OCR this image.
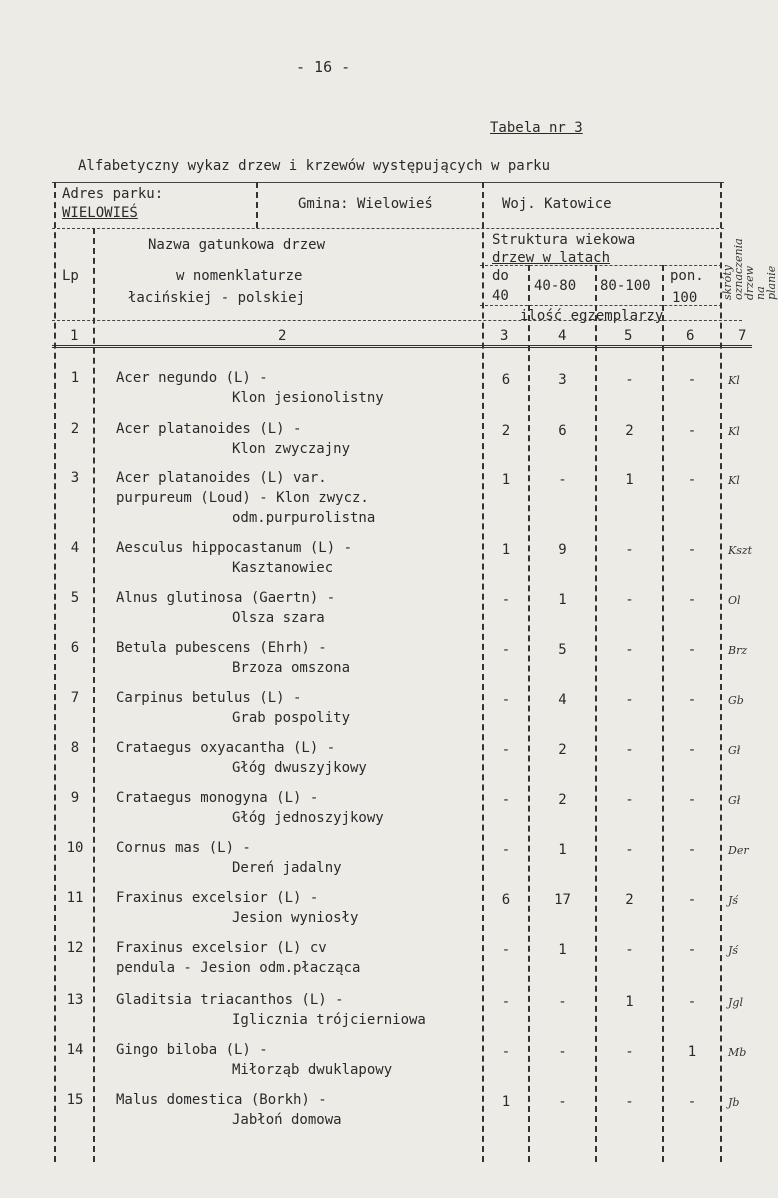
- 16 -
Tabela nr 3
Alfabetyczny wykaz drzew i krzewów występujących w parku
Adres parku:
WIELOWIEŚ
Gmina: Wielowieś	Woj. Katowice
Lp
Nazwa gatunkowa drzew
w nomenklaturze
łacińskiej - polskiej
Struktura wiekowa
drzew w latach
do
40
40-80 80-100
pon.
100
ilość egzemplarzy
skróty oznaczenia drzew na planie
1	2	3	4	5	6	7
1	Acer negundo (L) -
Klon jesionolistny
6	3	-	-	Kl
2	Acer platanoides (L) -
Klon zwyczajny
2	6	2	-	Kl
3	Acer platanoides (L) var.
purpureum (Loud) - Klon zwycz.
odm.purpurolistna
1	-	1	-	Kl
4	Aesculus hippocastanum (L) -
Kasztanowiec
1	9	-	-	Kszt
5	Alnus glutinosa (Gaertn) -
Olsza szara
-	1	-	-	Ol
6	Betula pubescens (Ehrh) -
Brzoza omszona
-	5	-	-	Brz
7	Carpinus betulus (L) -
Grab pospolity
-	4	-	-	Gb
8	Crataegus oxyacantha (L) -
Głóg dwuszyjkowy
-	2	-	-	Gł
9	Crataegus monogyna (L) -
Głóg jednoszyjkowy
-	2	-	-	Gł
10	Cornus mas (L) -
Dereń jadalny
-	1	-	-	Der
11	Fraxinus excelsior (L) -
Jesion wyniosły
6	17	2	-	Jś
12	Fraxinus excelsior (L) cv
pendula - Jesion odm.płacząca
-	1	-	-	Jś
13	Gladitsia triacanthos (L) -
Iglicznia trójcierniowa
-	-	1	-	Jgl
14	Gingo biloba (L) -
Miłorząb dwuklapowy
-	-	-	1	Mb
15	Malus domestica (Borkh) -
Jabłoń domowa
1	-	-	-	Jb
